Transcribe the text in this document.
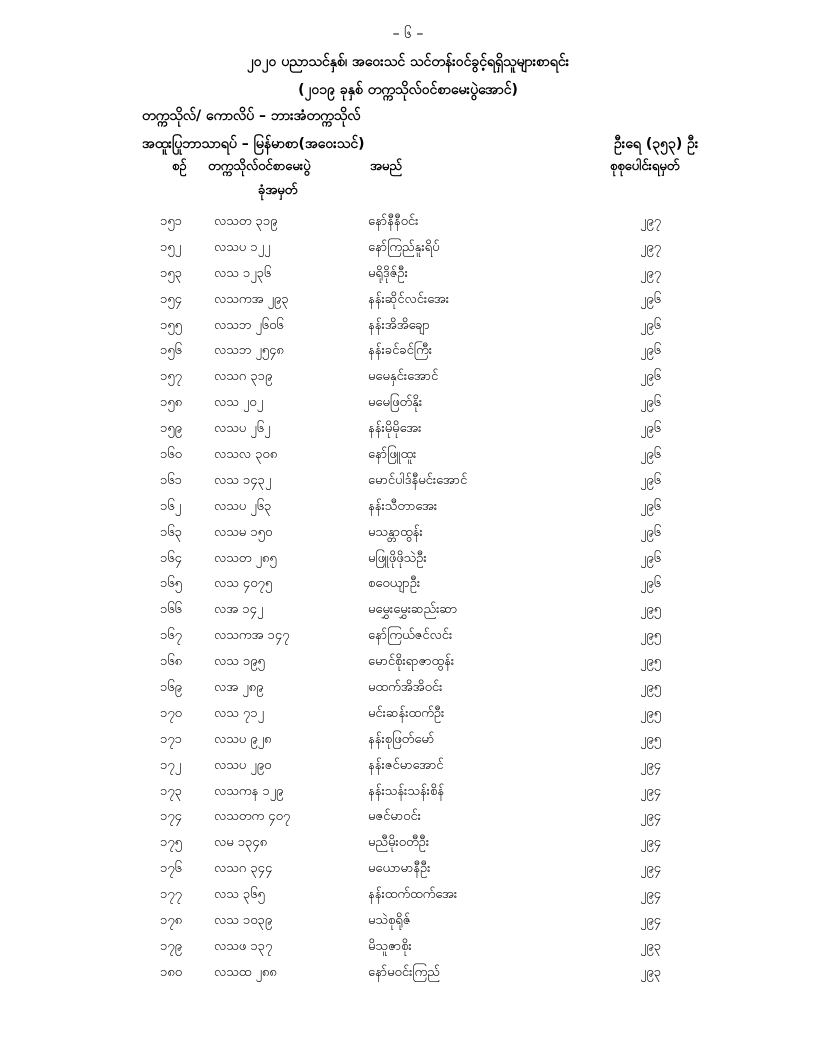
– ၆ –
၂၀၂၀ ပညာသင်နှစ်၊ အဝေးသင် သင်တန်းဝင်ခွင့်ရရှိသူများစာရင်း
(၂၀၁၉ ခုနှစ် တက္ကသိုလ်ဝင်စာမေးပွဲအောင်)
တက္ကသိုလ်/ ကောလိပ် – ဘားအံတက္ကသိုလ်
အထူးပြုဘာသာရပ် – မြန်မာစာ(အဝေးသင်)	ဦးရေ (၃၅၃) ဦး
စဉ် တက္ကသိုလ်ဝင်စာမေးပွဲ
ခုံအမှတ်
အမည်	စုစုပေါင်းရမှတ်
၁၅၁ လသတ ၃၁၉	နော်နီနီဝင်း	၂၉၇
၁၅၂	လသပ ၁၂၂	နော်ကြည်နူးရိပ်	၂၉၇
၁၅၃ လသ ၁၂၃၆	မရိုဒိုဇ်ဦး	၂၉၇
၁၅၄ လသကအ ၂၉၃	နန်းဆိုင်လင်းအေး	၂၉၆
၁၅၅ လသဘ ၂၆၀၆	နန်းအိအိချော	၂၉၆
၁၅၆ လသဘ ၂၅၄၈	နန်းခင်ခင်ကြီး	၂၉၆
၁၅၇ လသဂ ၃၁၉	မမေနှင်းအောင်	၂၉၆
၁၅၈ လသ ၂၀၂	မမေဖြတ်နိုး	၂၉၆
၁၅၉ လသပ ၂၆၂	နန်းမိုမိုအေး	၂၉၆
၁၆၀ လသလ ၃၀၈	နော်ဖြူထူး	၂၉၆
၁၆၁ လသ ၁၄၃၂	မောင်ပါဒ်နီမင်းအောင်	၂၉၆
၁၆၂	လသပ ၂၆၃	နန်းသီတာအေး	၂၉၆
၁၆၃ လသမ ၁၅၀	မသန္တာထွန်း	၂၉၆
၁၆၄ လသတ ၂၈၅	မဖြူဖိုဖိုသဲဦး	၂၉၆
၁၆၅ လသ ၄၀၇၅	စဝေယျာဦး	၂၉၆
၁၆၆ လအ ၁၄၂	မမွှေးမွှေးဆည်းဆာ	၂၉၅
၁၆၇ လသကအ ၁၄၇	နော်ကြယ်ဇင်လင်း	၂၉၅
၁၆၈ လသ ၁၉၅	မောင်စိုးရာဇာထွန်း	၂၉၅
၁၆၉ လအ ၂၈၉	မထက်အိအိဝင်း	၂၉၅
၁၇၀ လသ ၇၁၂	မင်းဆန်းထက်ဦး	၂၉၅
၁၇၁ လသပ ၉၂၈	နန်းစုဖြတ်မော်	၂၉၅
၁၇၂	လသပ ၂၉၀	နန်းဇင်မာအောင်	၂၉၄
၁၇၃ လသကန ၁၂၉	နန်းသန်းသန်းစိန်	၂၉၄
၁၇၄ လသတက ၄၀၇	မဇင်မာဝင်း	၂၉၄
၁၇၅ လမ ၁၃၄၈	မညီမိုးဝတီဦး	၂၉၄
၁၇၆ လသဂ ၃၄၄	မယောမာနီဦး	၂၉၄
၁၇၇ လသ ၃၆၅	နန်းထက်ထက်အေး	၂၉၄
၁၇၈ လသ ၁၀၃၉	မသဲစုရိုဇ်	၂၉၄
၁၇၉ လသဖ ၁၃၇	မိသူဇာစိုး	၂၉၃
၁၈၀ လသထ ၂၈၈	နော်မဝင်းကြည်	၂၉၃
